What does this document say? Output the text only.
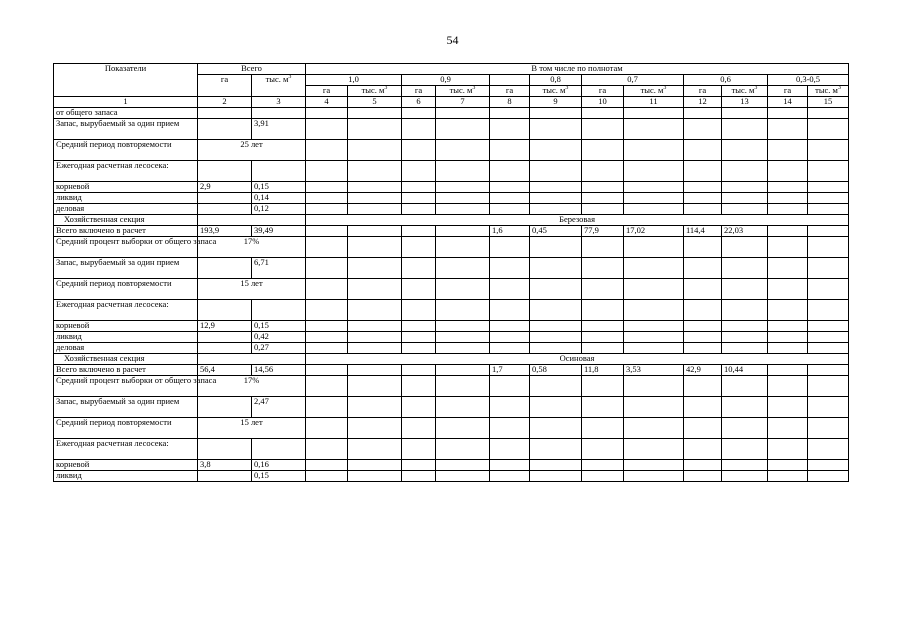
54
Показатели	Всего		В том числе по полнотам											
	га	тыс. $м^3$	1,0		0,9			0,8	0,7		0,6		0,3-0,5	
			га	тыс. $м^3$	га	тыс. $м^3$	га	тыс. $м^3$	га	тыс. $м^3$	га	тыс. $м^3$	га	тыс. $м^3$
1	2	3	4	5	6	7	8	9	10	11	12	13	14	15
от общего запаса														
Запас, вырубаемый за один прием		3,91												
Средний период повторяемости	25 лет													
Ежегодная расчетная лесосека:														
корневой	2,9	0,15												
ликвид		0,14												
деловая		0,12												
Хозяйственная секция			Березовая											
Всего включено в расчет	193,9	39,49					1,6	0,45	77,9	17,02	114,4	22,03		
Средний процент выборки от общего запаса	17%													
Запас, вырубаемый за один прием		6,71												
Средний период повторяемости	15 лет													
Ежегодная расчетная лесосека:														
корневой	12,9	0,15												
ликвид		0,42												
деловая		0,27												
Хозяйственная секция			Осиновая											
Всего включено в расчет	56,4	14,56					1,7	0,58	11,8	3,53	42,9	10,44		
Средний процент выборки от общего запаса	17%													
Запас, вырубаемый за один прием		2,47												
Средний период повторяемости	15 лет													
Ежегодная расчетная лесосека:														
корневой	3,8	0,16												
ликвид		0,15												
